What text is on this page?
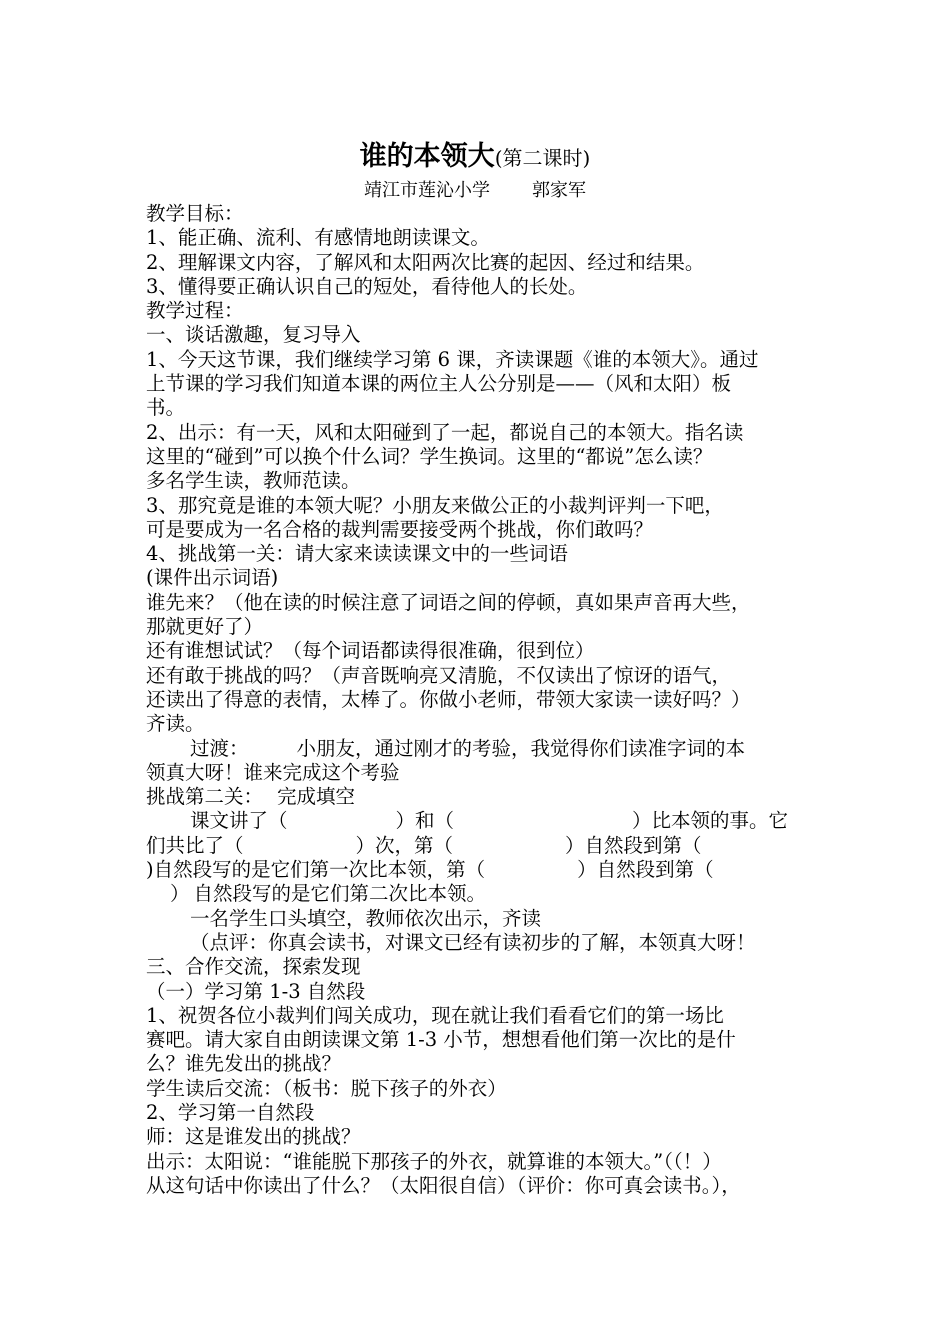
谁的本领大(第二课时)
靖江市莲沁小学 郭家军
教学目标：
1、能正确、流利、有感情地朗读课文。
2、理解课文内容，了解风和太阳两次比赛的起因、经过和结果。
3、懂得要正确认识自己的短处，看待他人的长处。
教学过程：
一、谈话激趣，复习导入
1、今天这节课，我们继续学习第 6 课，齐读课题《谁的本领大》。通过
上节课的学习我们知道本课的两位主人公分别是——（风和太阳）板
书。
2、出示：有一天，风和太阳碰到了一起，都说自己的本领大。指名读
这里的“碰到”可以换个什么词？学生换词。这里的“都说”怎么读？
多名学生读，教师范读。
3、那究竟是谁的本领大呢？小朋友来做公正的小裁判评判一下吧，
可是要成为一名合格的裁判需要接受两个挑战，你们敢吗？
4、挑战第一关：请大家来读读课文中的一些词语
(课件出示词语)
谁先来？（他在读的时候注意了词语之间的停顿，真如果声音再大些，
那就更好了）
还有谁想试试？（每个词语都读得很准确，很到位）
还有敢于挑战的吗？（声音既响亮又清脆，不仅读出了惊讶的语气，
还读出了得意的表情，太棒了。你做小老师，带领大家读一读好吗？）
齐读。
过渡： 小朋友，通过刚才的考验，我觉得你们读准字词的本
领真大呀！谁来完成这个考验
挑战第二关： 完成填空
课文讲了（	）和（	）比本领的事。它
们共比了（	）次，第（	）自然段到第（
)自然段写的是它们第一次比本领，第（	）自然段到第（
） 自然段写的是它们第二次比本领。
一名学生口头填空，教师依次出示，齐读
（点评：你真会读书，对课文已经有读初步的了解，本领真大呀！
三、合作交流，探索发现
（一）学习第 1-3 自然段
1、祝贺各位小裁判们闯关成功，现在就让我们看看它们的第一场比
赛吧。请大家自由朗读课文第 1-3 小节，想想看他们第一次比的是什
么？谁先发出的挑战？
学生读后交流：（板书：脱下孩子的外衣）
2、学习第一自然段
师：这是谁发出的挑战？
出示：太阳说：“谁能脱下那孩子的外衣，就算谁的本领大。”（（！）
从这句话中你读出了什么？（太阳很自信）（评价：你可真会读书。），
